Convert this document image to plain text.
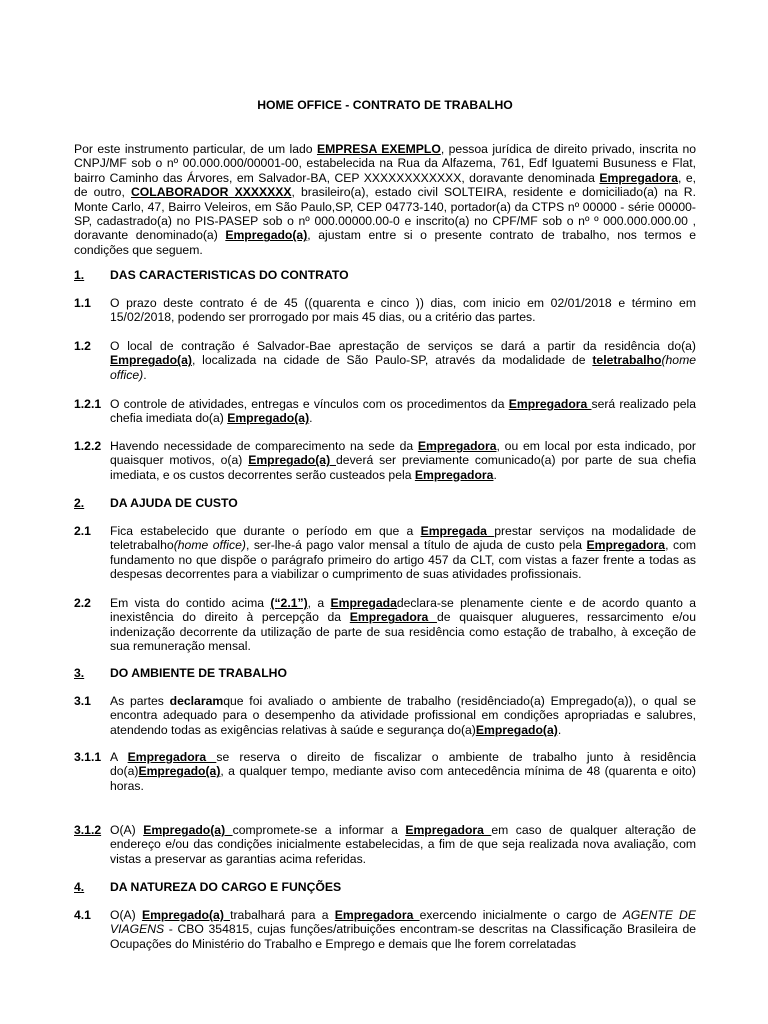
HOME OFFICE - CONTRATO DE TRABALHO
Por este instrumento particular, de um lado EMPRESA EXEMPLO, pessoa jurídica de direito privado, inscrita no CNPJ/MF sob o nº 00.000.000/00001-00, estabelecida na Rua da Alfazema, 761, Edf Iguatemi Busuness e Flat, bairro Caminho das Árvores, em Salvador-BA, CEP XXXXXXXXXXXX, doravante denominada Empregadora, e, de outro, COLABORADOR XXXXXXX, brasileiro(a), estado civil SOLTEIRA, residente e domiciliado(a) na R. Monte Carlo, 47, Bairro Veleiros, em São Paulo,SP, CEP 04773-140, portador(a) da CTPS nº 00000 - série 00000-SP, cadastrado(a) no PIS-PASEP sob o nº 000.00000.00-0 e inscrito(a) no CPF/MF sob o nº º 000.000.000.00 , doravante denominado(a) Empregado(a), ajustam entre si o presente contrato de trabalho, nos termos e condições que seguem.
1. DAS CARACTERISTICAS DO CONTRATO
1.1 O prazo deste contrato é de 45 ((quarenta e cinco )) dias, com inicio em 02/01/2018 e término em 15/02/2018, podendo ser prorrogado por mais 45 dias, ou a critério das partes.
1.2 O local de contração é Salvador-Bae aprestação de serviços se dará a partir da residência do(a) Empregado(a), localizada na cidade de São Paulo-SP, através da modalidade de teletrabalho(home office).
1.2.1 O controle de atividades, entregas e vínculos com os procedimentos da Empregadora será realizado pela chefia imediata do(a) Empregado(a).
1.2.2 Havendo necessidade de comparecimento na sede da Empregadora, ou em local por esta indicado, por quaisquer motivos, o(a) Empregado(a) deverá ser previamente comunicado(a) por parte de sua chefia imediata, e os custos decorrentes serão custeados pela Empregadora.
2. DA AJUDA DE CUSTO
2.1 Fica estabelecido que durante o período em que a Empregada prestar serviços na modalidade de teletrabalho(home office), ser-lhe-á pago valor mensal a título de ajuda de custo pela Empregadora, com fundamento no que dispõe o parágrafo primeiro do artigo 457 da CLT, com vistas a fazer frente a todas as despesas decorrentes para a viabilizar o cumprimento de suas atividades profissionais.
2.2 Em vista do contido acima (“2.1”), a Empregadadeclara-se plenamente ciente e de acordo quanto a inexistência do direito à percepção da Empregadora de quaisquer alugueres, ressarcimento e/ou indenização decorrente da utilização de parte de sua residência como estação de trabalho, à exceção de sua remuneração mensal.
3. DO AMBIENTE DE TRABALHO
3.1 As partes declaramque foi avaliado o ambiente de trabalho (residênciado(a) Empregado(a)), o qual se encontra adequado para o desempenho da atividade profissional em condições apropriadas e salubres, atendendo todas as exigências relativas à saúde e segurança do(a)Empregado(a).
3.1.1 A Empregadora se reserva o direito de fiscalizar o ambiente de trabalho junto à residência do(a)Empregado(a), a qualquer tempo, mediante aviso com antecedência mínima de 48 (quarenta e oito) horas.
3.1.2 O(A) Empregado(a) compromete-se a informar a Empregadora em caso de qualquer alteração de endereço e/ou das condições inicialmente estabelecidas, a fim de que seja realizada nova avaliação, com vistas a preservar as garantias acima referidas.
4. DA NATUREZA DO CARGO E FUNÇÕES
4.1 O(A) Empregado(a) trabalhará para a Empregadora exercendo inicialmente o cargo de AGENTE DE VIAGENS - CBO 354815, cujas funções/atribuições encontram-se descritas na Classificação Brasileira de Ocupações do Ministério do Trabalho e Emprego e demais que lhe forem correlatadas
